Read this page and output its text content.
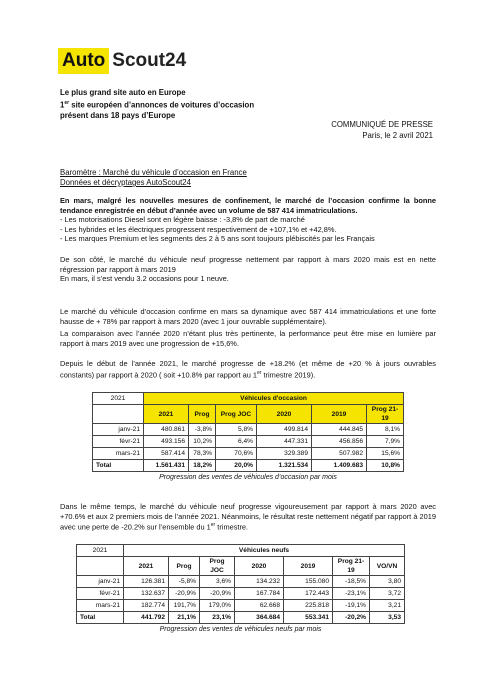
Auto Scout24
Le plus grand site auto en Europe
1er site européen d’annonces de voitures d’occasion
présent dans 18 pays d’Europe
COMMUNIQUÉ DE PRESSE
Paris, le 2 avril 2021
Baromètre : Marché du véhicule d’occasion en France
Données et décryptages AutoScout24

En mars, malgré les nouvelles mesures de confinement, le marché de l’occasion confirme la bonne tendance enregistrée en début d’année avec un volume de 587 414 immatriculations.

- Les motorisations Diesel sont en légère baisse : -3,8% de part de marché

- Les hybrides et les électriques progressent respectivement de +107,1% et +42,8%.

- Les marques Premium et les segments des 2 à 5 ans sont toujours plébiscités par les Français

De son côté, le marché du véhicule neuf progresse nettement par rapport à mars 2020 mais est en nette régression par rapport à mars 2019

En mars, il s’est vendu 3.2 occasions pour 1 neuve.

Le marché du véhicule d’occasion confirme en mars sa dynamique avec 587 414 immatriculations et une forte hausse de + 78% par rapport à mars 2020 (avec 1 jour ouvrable supplémentaire).

La comparaison avec l’année 2020 n’étant plus très pertinente, la performance peut être mise en lumière par rapport à mars 2019 avec une progression de +15,6%.

Depuis le début de l’année 2021, le marché progresse de +18.2% (et même de +20 % à jours ouvrables constants) par rapport à 2020 ( soit +10.8% par rapport au 1er trimestre 2019).

2021	Véhicules d'occasion					
	2021	Prog	Prog JOC	2020	2019	Prog 21-19
janv-21	480.861	-3,8%	5,8%	499.814	444.845	8,1%
févr-21	493.156	10,2%	6,4%	447.331	456.856	7,9%
mars-21	587.414	78,3%	70,6%	329.389	507.982	15,6%
Total	1.561.431	18,2%	20,0%	1.321.534	1.409.683	10,8%
Progression des ventes de véhicules d’occasion par mois

Dans le même temps, le marché du véhicule neuf progresse vigoureusement par rapport à mars 2020 avec +70.6% et aux 2 premiers mois de l’année 2021. Néanmoins, le résultat reste nettement négatif par rapport à 2019 avec une perte de -20.2% sur l’ensemble du 1er trimestre.

2021	Véhicules neufs						
	2021	Prog	Prog JOC	2020	2019	Prog 21-19	VO/VN
janv-21	126.381	-5,8%	3,6%	134.232	155.080	-18,5%	3,80
févr-21	132.637	-20,9%	-20,9%	167.784	172.443	-23,1%	3,72
mars-21	182.774	191,7%	179,0%	62.668	225.818	-19,1%	3,21
Total	441.792	21,1%	23,1%	364.684	553.341	-20,2%	3,53
Progression des ventes de véhicules neufs par mois
